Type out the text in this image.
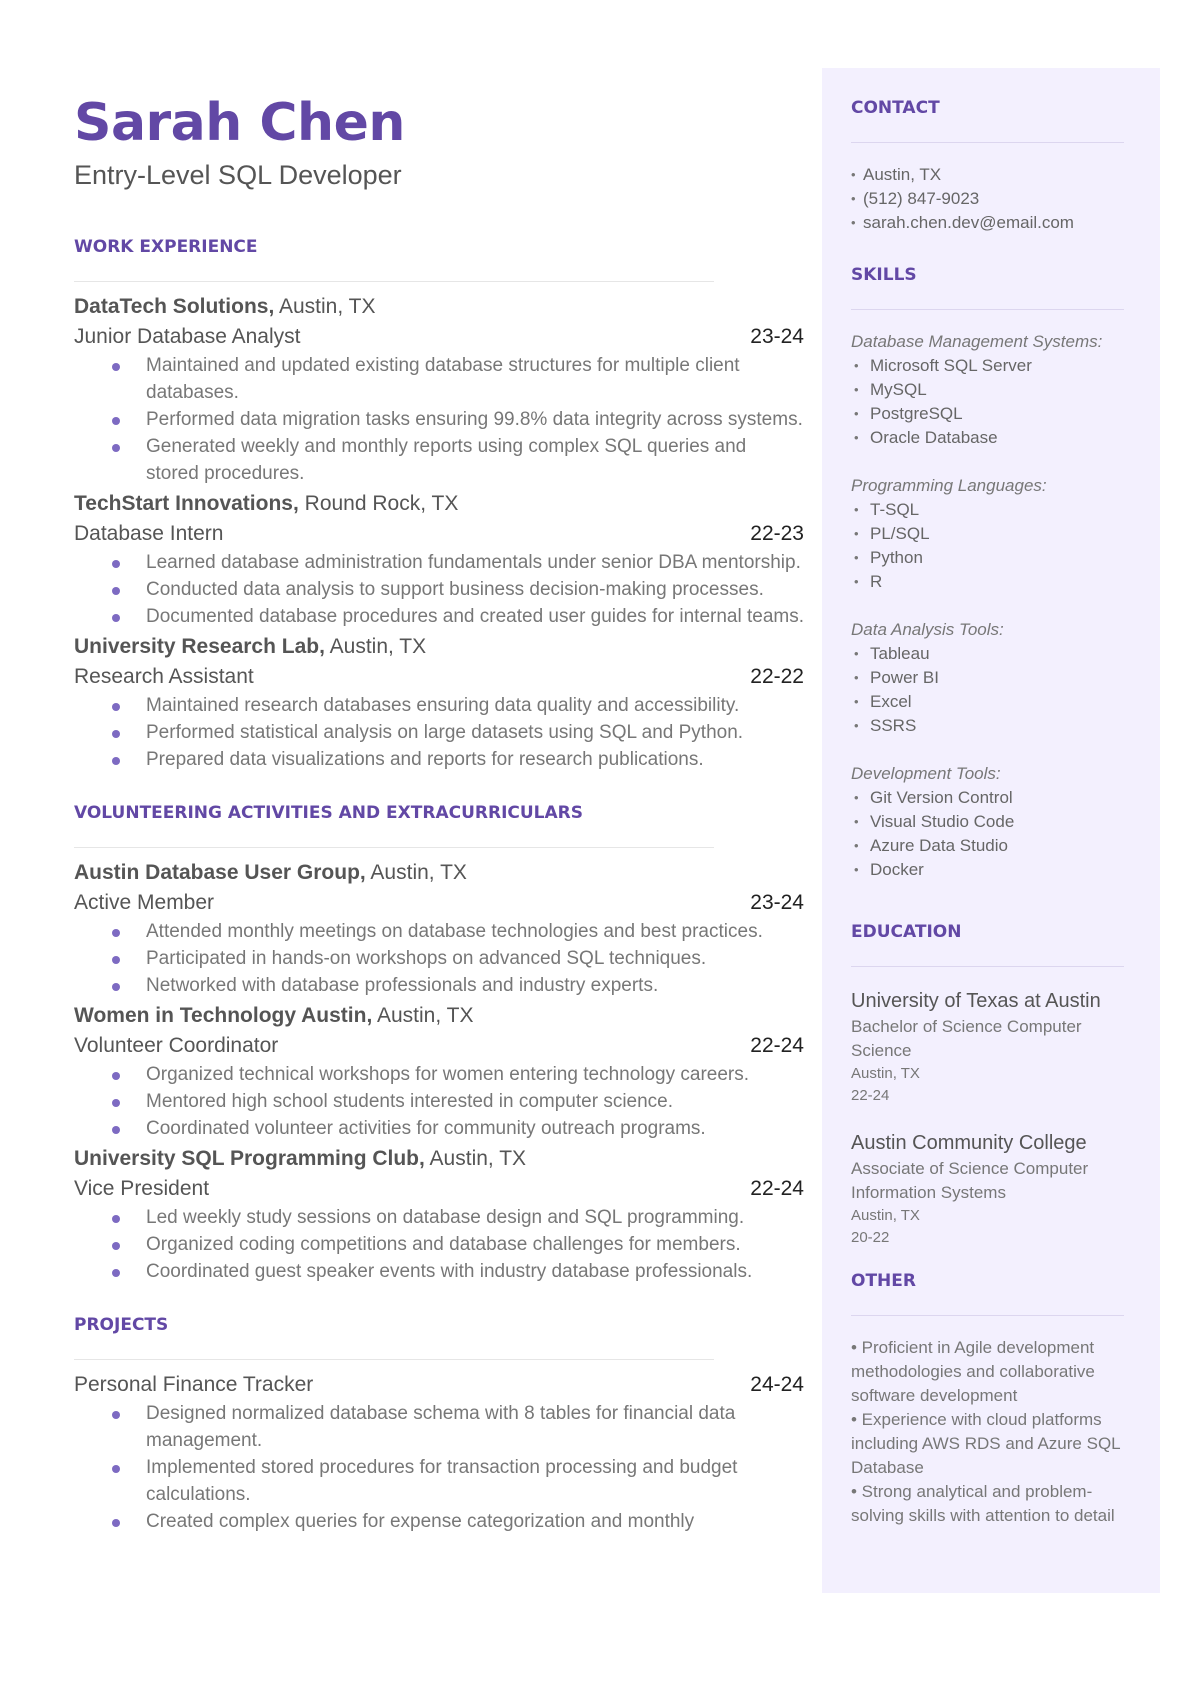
Sarah Chen
Entry-Level SQL Developer
WORK EXPERIENCE
DataTech Solutions, Austin, TX
Junior Database Analyst	23-24
Maintained and updated existing database structures for multiple client databases.
Performed data migration tasks ensuring 99.8% data integrity across systems.
Generated weekly and monthly reports using complex SQL queries and stored procedures.
TechStart Innovations, Round Rock, TX
Database Intern	22-23
Learned database administration fundamentals under senior DBA mentorship.
Conducted data analysis to support business decision-making processes.
Documented database procedures and created user guides for internal teams.
University Research Lab, Austin, TX
Research Assistant	22-22
Maintained research databases ensuring data quality and accessibility.
Performed statistical analysis on large datasets using SQL and Python.
Prepared data visualizations and reports for research publications.
VOLUNTEERING ACTIVITIES AND EXTRACURRICULARS
Austin Database User Group, Austin, TX
Active Member	23-24
Attended monthly meetings on database technologies and best practices.
Participated in hands-on workshops on advanced SQL techniques.
Networked with database professionals and industry experts.
Women in Technology Austin, Austin, TX
Volunteer Coordinator	22-24
Organized technical workshops for women entering technology careers.
Mentored high school students interested in computer science.
Coordinated volunteer activities for community outreach programs.
University SQL Programming Club, Austin, TX
Vice President	22-24
Led weekly study sessions on database design and SQL programming.
Organized coding competitions and database challenges for members.
Coordinated guest speaker events with industry database professionals.
PROJECTS
Personal Finance Tracker	24-24
Designed normalized database schema with 8 tables for financial data management.
Implemented stored procedures for transaction processing and budget calculations.
Created complex queries for expense categorization and monthly
CONTACT
• Austin, TX
• (512) 847-9023
• sarah.chen.dev@email.com
SKILLS
Database Management Systems:
• Microsoft SQL Server
• MySQL
• PostgreSQL
• Oracle Database
Programming Languages:
• T-SQL
• PL/SQL
• Python
• R
Data Analysis Tools:
• Tableau
• Power BI
• Excel
• SSRS
Development Tools:
• Git Version Control
• Visual Studio Code
• Azure Data Studio
• Docker
EDUCATION
University of Texas at Austin
Bachelor of Science Computer Science
Austin, TX
22-24
Austin Community College
Associate of Science Computer Information Systems
Austin, TX
20-22
OTHER
• Proficient in Agile development methodologies and collaborative software development
• Experience with cloud platforms including AWS RDS and Azure SQL Database
• Strong analytical and problem-solving skills with attention to detail
